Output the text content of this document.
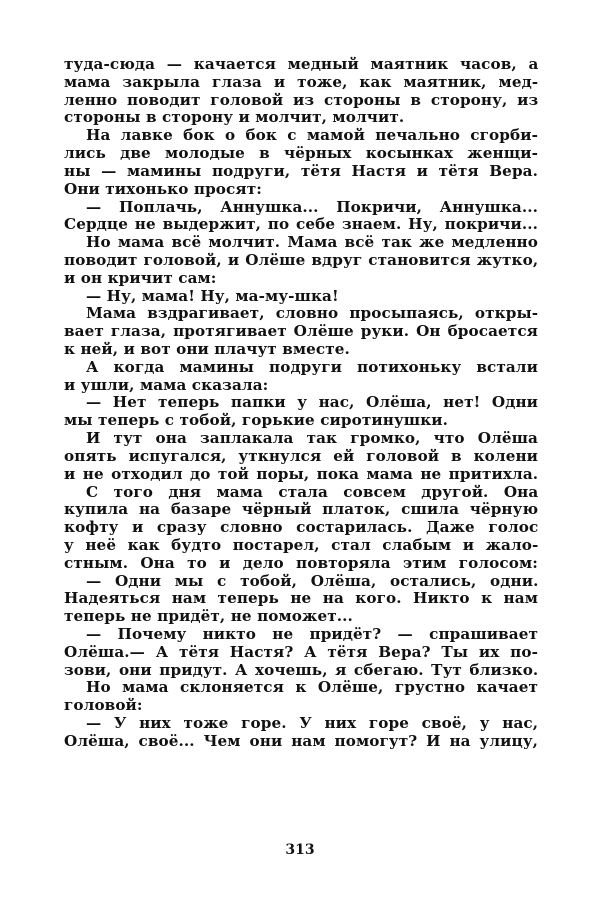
туда-сюда — качается медный маятник часов, а
мама закрыла глаза и тоже, как маятник, мед-
ленно поводит головой из стороны в сторону, из
стороны в сторону и молчит, молчит.

На лавке бок о бок с мамой печально сгорби-
лись две молодые в чёрных косынках женщи-
ны — мамины подруги, тётя Настя и тётя Вера.
Они тихонько просят:

— Поплачь, Аннушка... Покричи, Аннушка...
Сердце не выдержит, по себе знаем. Ну, покричи...

Но мама всё молчит. Мама всё так же медленно
поводит головой, и Олёше вдруг становится жутко,
и он кричит сам:

— Ну, мама! Ну, ма-му-шка!

Мама вздрагивает, словно просыпаясь, откры-
вает глаза, протягивает Олёше руки. Он бросается
к ней, и вот они плачут вместе.

А когда мамины подруги потихоньку встали
и ушли, мама сказала:

— Нет теперь папки у нас, Олёша, нет! Одни
мы теперь с тобой, горькие сиротинушки.

И тут она заплакала так громко, что Олёша
опять испугался, уткнулся ей головой в колени
и не отходил до той поры, пока мама не притихла.

С того дня мама стала совсем другой. Она
купила на базаре чёрный платок, сшила чёрную
кофту и сразу словно состарилась. Даже голос
у неё как будто постарел, стал слабым и жало-
стным. Она то и дело повторяла этим голосом:

— Одни мы с тобой, Олёша, остались, одни.
Надеяться нам теперь не на кого. Никто к нам
теперь не придёт, не поможет...

— Почему никто не придёт? — спрашивает
Олёша.— А тётя Настя? А тётя Вера? Ты их по-
зови, они придут. А хочешь, я сбегаю. Тут близко.

Но мама склоняется к Олёше, грустно качает
головой:

— У них тоже горе. У них горе своё, у нас,
Олёша, своё... Чем они нам помогут? И на улицу,

313
